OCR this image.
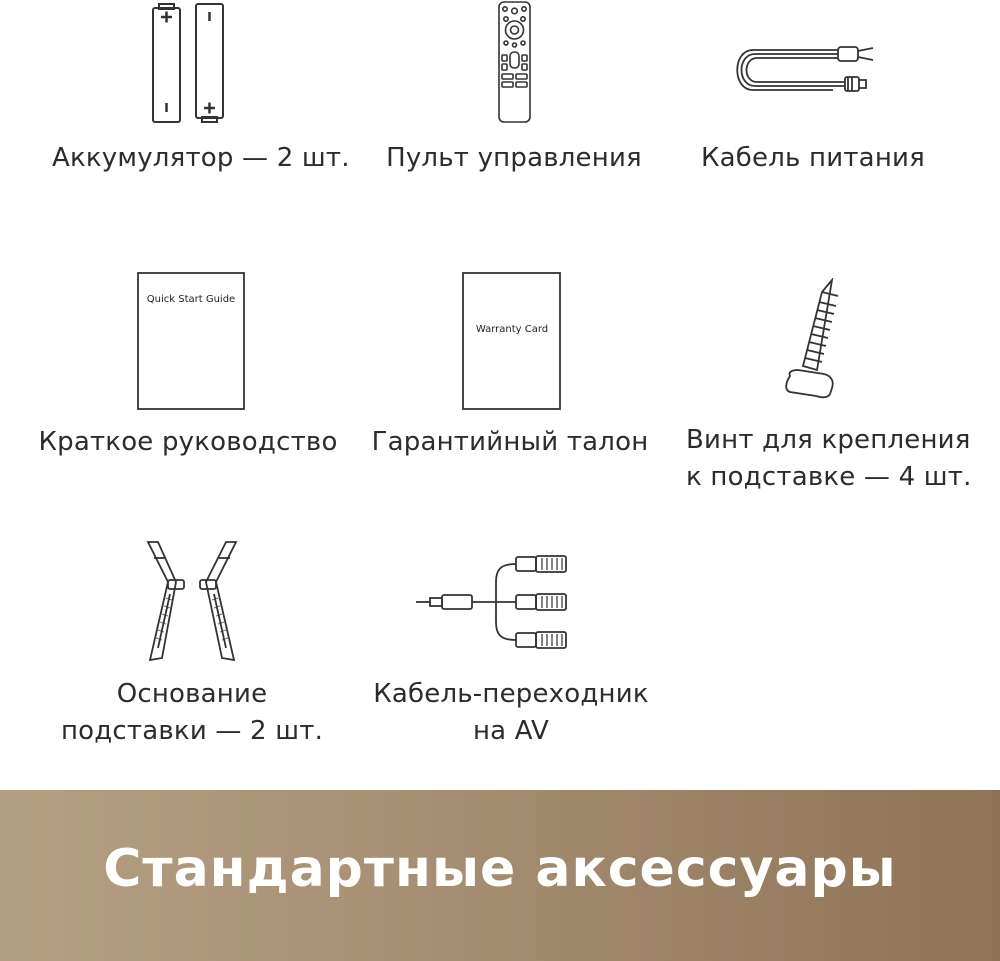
Аккумулятор — 2 шт. Пульт управления Кабель питания
Quick Start Guide
Краткое руководство
Warranty Card
Гарантийный талон Винт для крепления
к подставке — 4 шт.
Основание
подставки — 2 шт.
Кабель-переходник
на AV
Стандартные аксессуары
